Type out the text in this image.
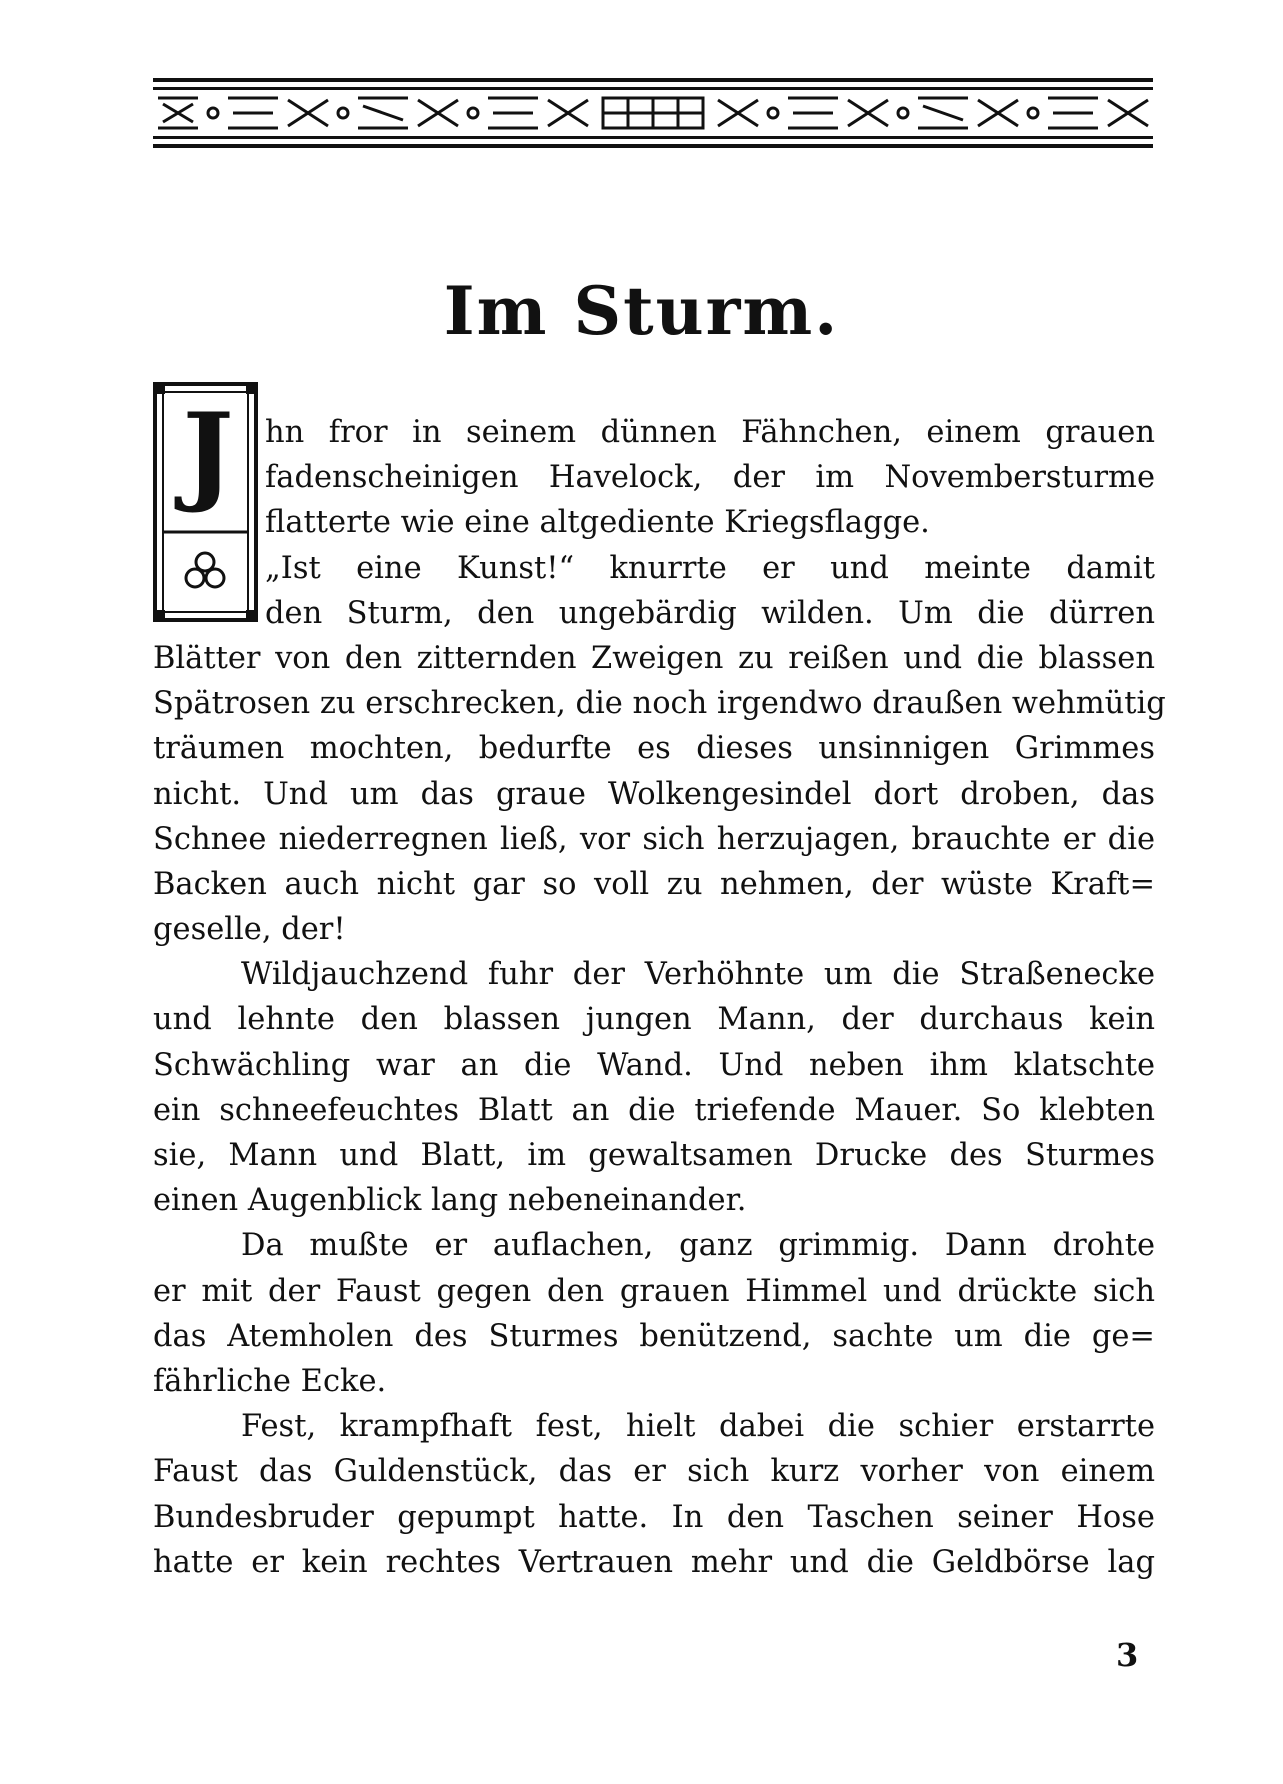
Im Sturm.
J	hn fror in seinem dünnen Fähnchen, einem grauen
fadenscheinigen Havelock, der im Novembersturme
flatterte wie eine altgediente Kriegsflagge.
„Ist eine Kunst!“ knurrte er und meinte damit
den Sturm, den ungebärdig wilden. Um die dürren
Blätter von den zitternden Zweigen zu reißen und die blassen
Spätrosen zu erschrecken, die noch irgendwo draußen wehmütig
träumen mochten, bedurfte es dieses unsinnigen Grimmes
nicht. Und um das graue Wolkengesindel dort droben, das
Schnee niederregnen ließ, vor sich herzujagen, brauchte er die
Backen auch nicht gar so voll zu nehmen, der wüste Kraft=
geselle, der!
Wildjauchzend fuhr der Verhöhnte um die Straßenecke
und lehnte den blassen jungen Mann, der durchaus kein
Schwächling war an die Wand. Und neben ihm klatschte
ein schneefeuchtes Blatt an die triefende Mauer. So klebten
sie, Mann und Blatt, im gewaltsamen Drucke des Sturmes
einen Augenblick lang nebeneinander.
Da mußte er auflachen, ganz grimmig. Dann drohte
er mit der Faust gegen den grauen Himmel und drückte sich
das Atemholen des Sturmes benützend, sachte um die ge=
fährliche Ecke.
Fest, krampfhaft fest, hielt dabei die schier erstarrte
Faust das Guldenstück, das er sich kurz vorher von einem
Bundesbruder gepumpt hatte. In den Taschen seiner Hose
hatte er kein rechtes Vertrauen mehr und die Geldbörse lag
3
